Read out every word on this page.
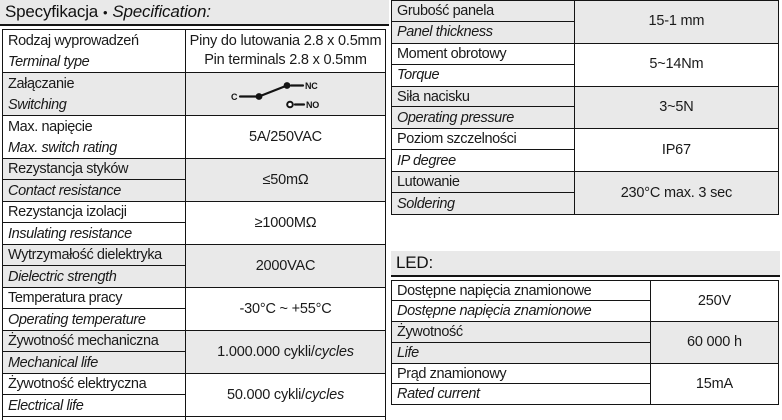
Specyfikacja • Specification:
Rodzaj wyprowadzeń
Terminal type
Piny do lutowania 2.8 x 0.5mm
Pin terminals 2.8 x 0.5mm
Załączanie
Switching	C
NC
NO
Max. napięcie
Max. switch rating
5A/250VAC
Rezystancja styków
Contact resistance
≤50mΩ
Rezystancja izolacji
Insulating resistance
≥1000MΩ
Wytrzymałość dielektryka
Dielectric strength
2000VAC
Temperatura pracy
Operating temperature
-30°C ~ +55°C
Żywotność mechaniczna
Mechanical life
1.000.000 cykli/cycles
Żywotność elektryczna
Electrical life
50.000 cykli/cycles
Grubość panela
Panel thickness
15-1 mm
Moment obrotowy
Torque
5~14Nm
Siła nacisku
Operating pressure
3~5N
Poziom szczelności
IP degree
IP67
Lutowanie
Soldering
230°C max. 3 sec
LED:
Dostępne napięcia znamionowe
Dostępne napięcia znamionowe
250V
Żywotność
Life
60 000 h
Prąd znamionowy
Rated current
15mA
